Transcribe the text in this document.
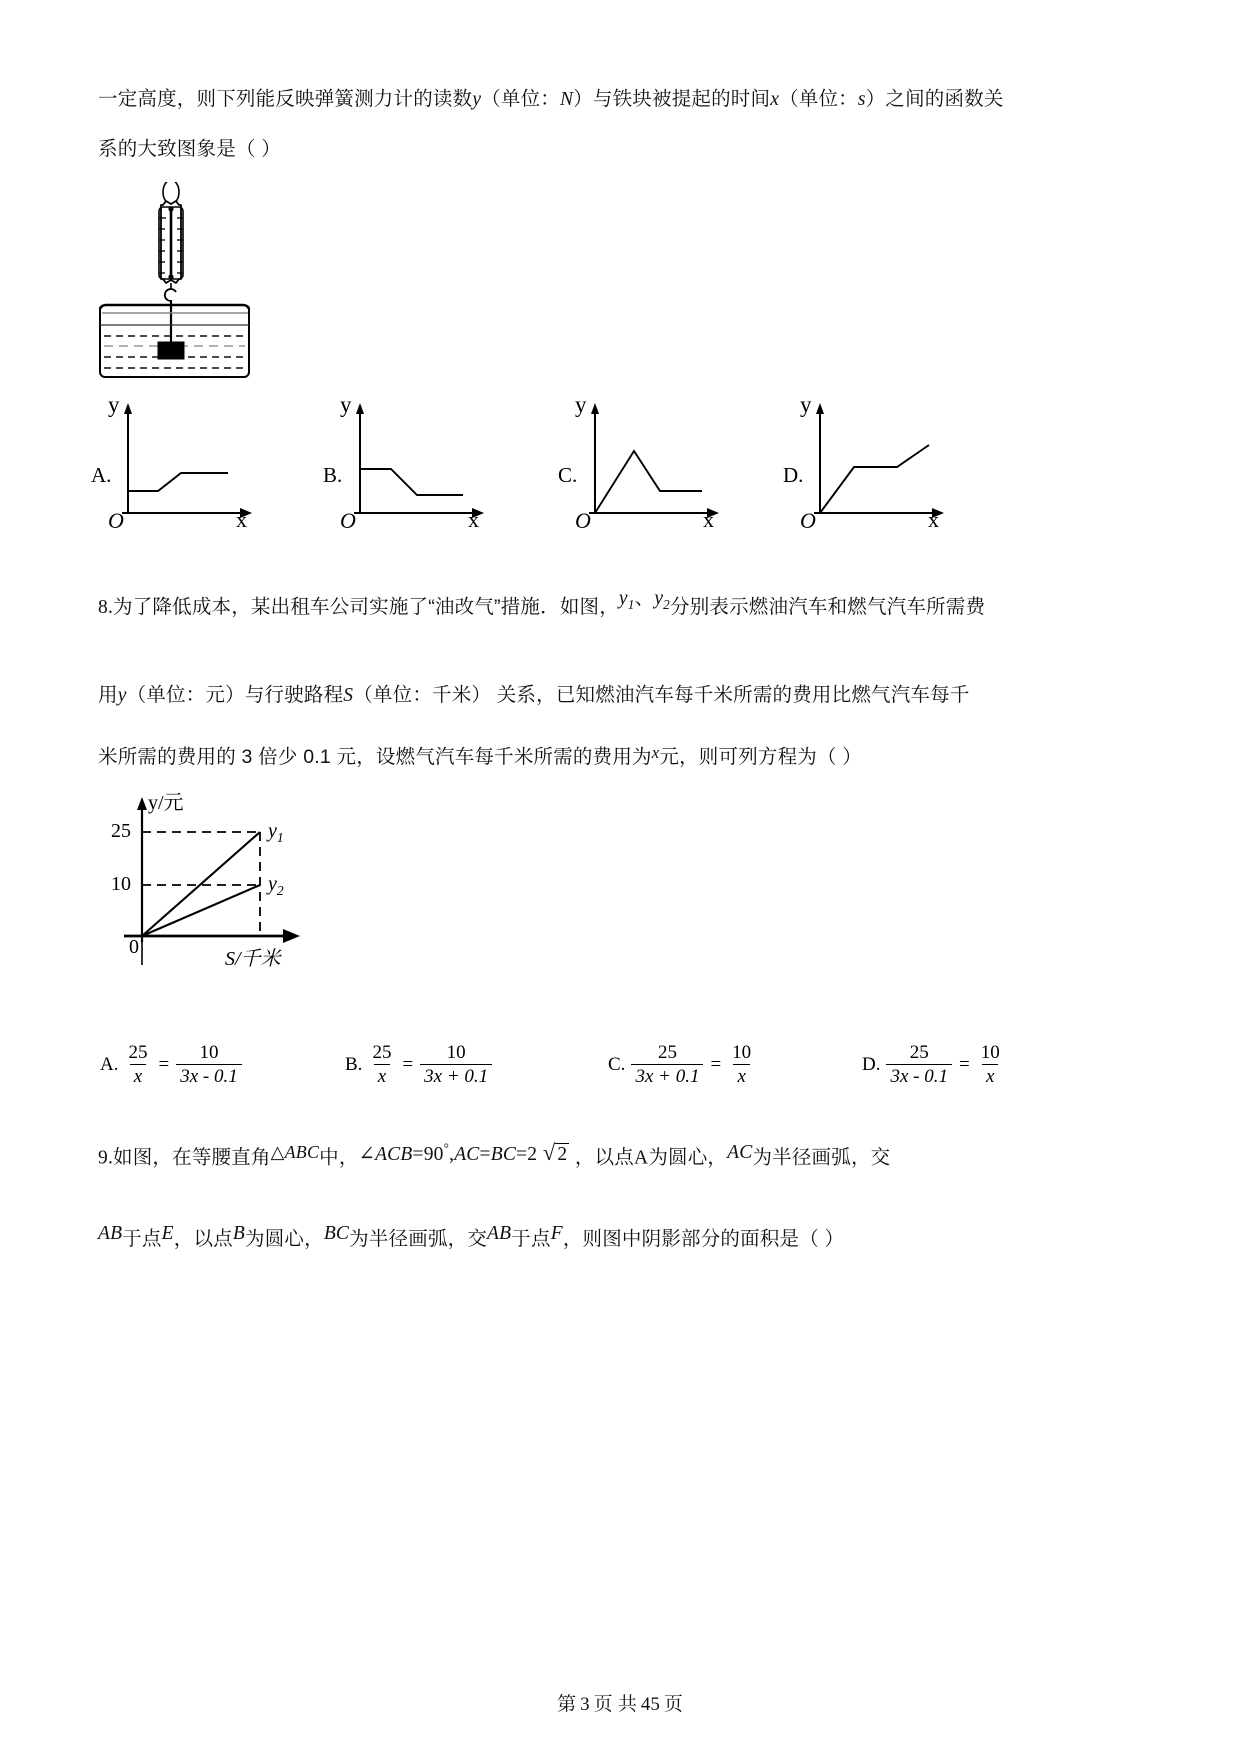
一定高度，则下列能反映弹簧测力计的读数y（单位：N）与铁块被提起的时间x（单位：s）之间的函数关
系的大致图象是（ ）
y
x
O
A.
y
x
O
B.
y
x
O
C.
y
x
O
D.
8.为了降低成本，某出租车公司实施了“油改气”措施．如图，$y_1$、$y_2$分别表示燃油汽车和燃气汽车所需费
用y（单位：元）与行驶路程S（单位：千米） 关系，已知燃油汽车每千米所需的费用比燃气汽车每千
米所需的费用的 3 倍少 0.1 元，设燃气汽车每千米所需的费用为x元，则可列方程为（ ）
y/元
25
10
0
S/千米
$y_1$
$y_2$
A. $\frac{25}{x} = \frac{10}{3x - 0.1}$	B. $\frac{25}{x} = \frac{10}{3x + 0.1}$	C. $\frac{25}{3x + 0.1} = \frac{10}{x}$	D. $\frac{25}{3x - 0.1} = \frac{10}{x}$
9.如图，在等腰直角△ABC中，∠ACB=90°,AC=BC=2 √ 2 ，以点A为圆心，AC为半径画弧，交
AB于点E，以点B为圆心，BC为半径画弧，交AB于点F，则图中阴影部分的面积是（ ）
第 3 页 共 45 页
